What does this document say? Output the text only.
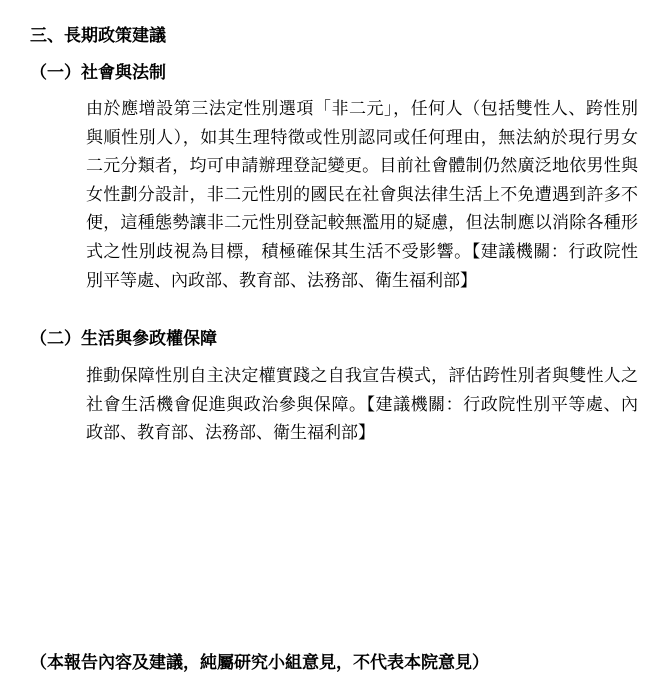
三、長期政策建議
（一）社會與法制

由於應增設第三法定性別選項「非二元」，任何人（包括雙性人、跨性別與順性別人），如其生理特徵或性別認同或任何理由，無法納於現行男女二元分類者，均可申請辦理登記變更。目前社會體制仍然廣泛地依男性與女性劃分設計，非二元性別的國民在社會與法律生活上不免遭遇到許多不便，這種態勢讓非二元性別登記較無濫用的疑慮，但法制應以消除各種形式之性別歧視為目標，積極確保其生活不受影響。【建議機關：行政院性別平等處、內政部、教育部、法務部、衛生福利部】

（二）生活與參政權保障

推動保障性別自主決定權實踐之自我宣告模式，評估跨性別者與雙性人之社會生活機會促進與政治參與保障。【建議機關：行政院性別平等處、內政部、教育部、法務部、衛生福利部】

（本報告內容及建議，純屬研究小組意見，不代表本院意見）
